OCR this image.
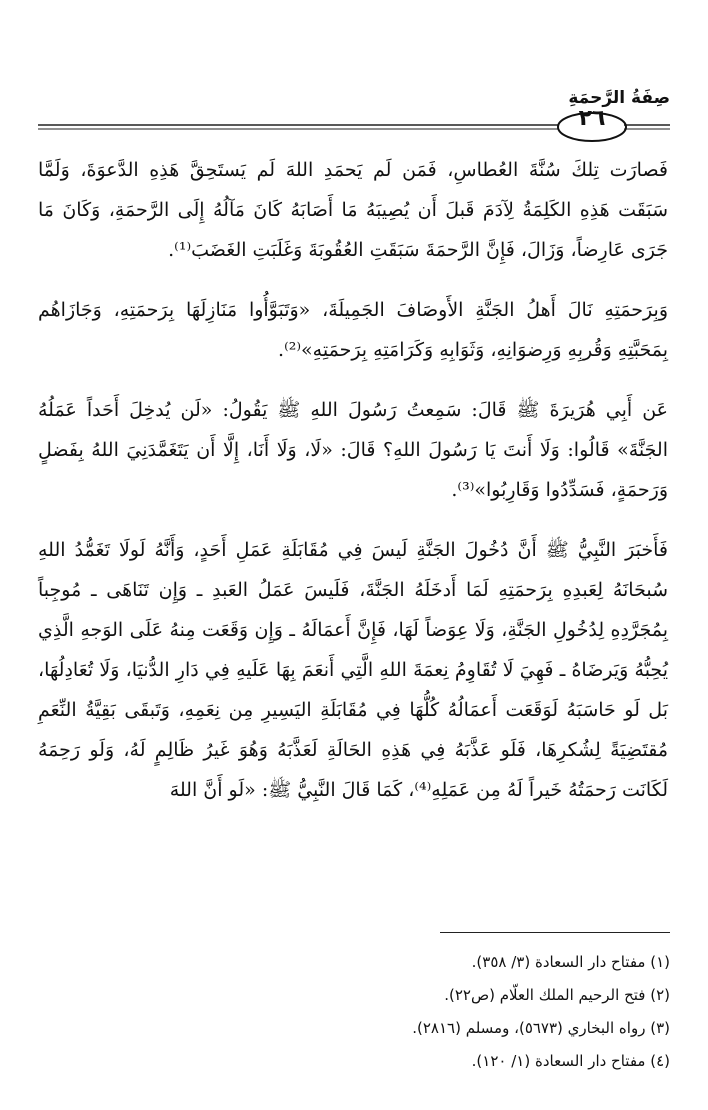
صِفَةُ الرَّحمَةِ
٢٦

فَصارَت تِلكَ سُنَّةَ العُطاسِ، فَمَن لَم يَحمَدِ اللهَ لَم يَستَحِقَّ هَذِهِ الدَّعوَةَ، وَلَمَّا سَبَقَت هَذِهِ الكَلِمَةُ لِآدَمَ قَبلَ أَن يُصِيبَهُ مَا أَصَابَهُ كَانَ مَآلُهُ إِلَى الرَّحمَةِ، وَكَانَ مَا جَرَى عَارِضاً، وَزَالَ، فَإِنَّ الرَّحمَةَ سَبَقَتِ العُقُوبَةَ وَغَلَبَتِ الغَضَبَ⁽¹⁾.

وَبِرَحمَتِهِ نَالَ أَهلُ الجَنَّةِ الأَوصَافَ الجَمِيلَةَ، «وَتَبَوَّأُوا مَنَازِلَهَا بِرَحمَتِهِ، وَجَازَاهُم بِمَحَبَّتِهِ وَقُربِهِ وَرِضوَانِهِ، وَثَوَابِهِ وَكَرَامَتِهِ بِرَحمَتِهِ»⁽²⁾.

عَن أَبِي هُرَيرَةَ ﷺ قَالَ: سَمِعتُ رَسُولَ اللهِ ﷺ يَقُولُ: «لَن يُدخِلَ أَحَداً عَمَلُهُ الجَنَّةَ» قَالُوا: وَلَا أَنتَ يَا رَسُولَ اللهِ؟ قَالَ: «لَا، وَلَا أَنَا، إِلَّا أَن يَتَغَمَّدَنِيَ اللهُ بِفَضلٍ وَرَحمَةٍ، فَسَدِّدُوا وَقَارِبُوا»⁽³⁾.

فَأَخبَرَ النَّبِيُّ ﷺ أَنَّ دُخُولَ الجَنَّةِ لَيسَ فِي مُقَابَلَةِ عَمَلِ أَحَدٍ، وَأَنَّهُ لَولَا تَغَمُّدُ اللهِ سُبحَانَهُ لِعَبدِهِ بِرَحمَتِهِ لَمَا أَدخَلَهُ الجَنَّةَ، فَلَيسَ عَمَلُ العَبدِ ـ وَإِن تَنَاهَى ـ مُوجِباً بِمُجَرَّدِهِ لِدُخُولِ الجَنَّةِ، وَلَا عِوَضاً لَهَا، فَإِنَّ أَعمَالَهُ ـ وَإِن وَقَعَت مِنهُ عَلَى الوَجهِ الَّذِي يُحِبُّهُ وَيَرضَاهُ ـ فَهِيَ لَا تُقَاوِمُ نِعمَةَ اللهِ الَّتِي أَنعَمَ بِهَا عَلَيهِ فِي دَارِ الدُّنيَا، وَلَا تُعَادِلُهَا، بَل لَو حَاسَبَهُ لَوَقَعَت أَعمَالُهُ كُلُّهَا فِي مُقَابَلَةِ اليَسِيرِ مِن نِعَمِهِ، وَتَبقَى بَقِيَّةُ النِّعَمِ مُقتَضِيَةً لِشُكرِهَا، فَلَو عَذَّبَهُ فِي هَذِهِ الحَالَةِ لَعَذَّبَهُ وَهُوَ غَيرُ ظَالِمٍ لَهُ، وَلَو رَحِمَهُ لَكَانَت رَحمَتُهُ خَيراً لَهُ مِن عَمَلِهِ⁽⁴⁾، كَمَا قَالَ النَّبِيُّ ﷺ: «لَو أَنَّ اللهَ

(١) مفتاح دار السعادة (٣/ ٣٥٨).
(٢) فتح الرحيم الملك العلّام (ص٢٢).
(٣) رواه البخاري (٥٦٧٣)، ومسلم (٢٨١٦).
(٤) مفتاح دار السعادة (١/ ١٢٠).
